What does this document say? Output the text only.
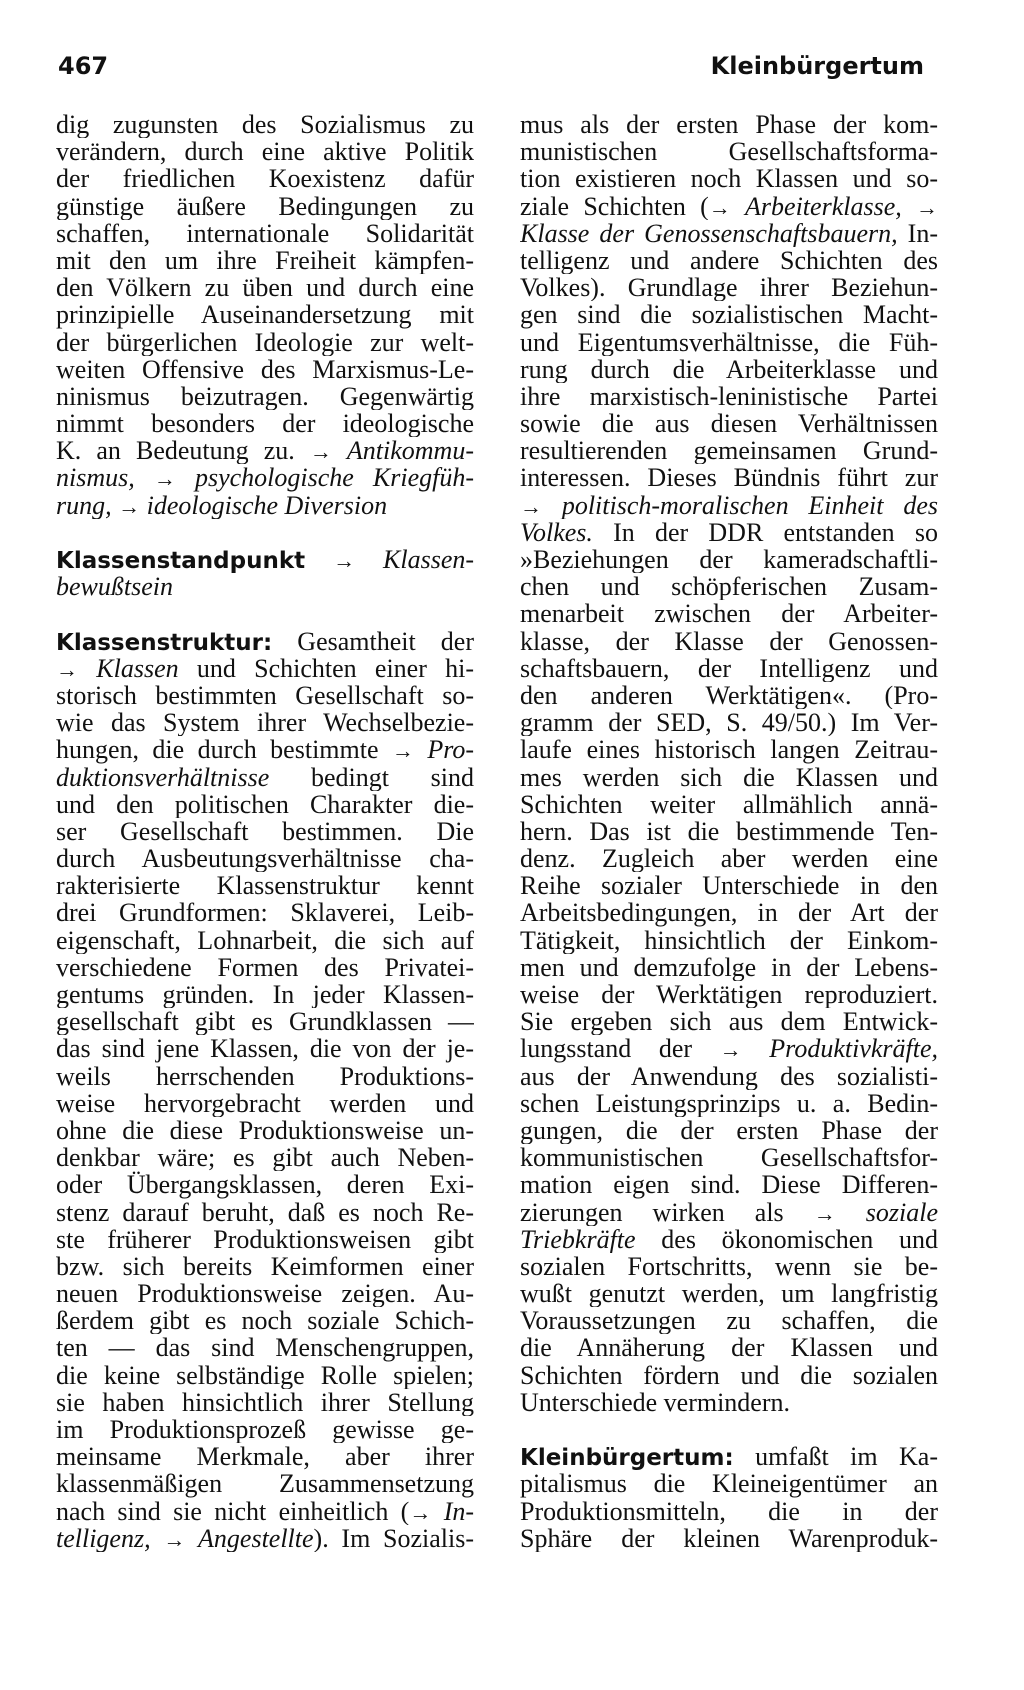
467	Kleinbürgertum
dig zugunsten des Sozialismus zu
verändern, durch eine aktive Politik
der friedlichen Koexistenz dafür
günstige äußere Bedingungen zu
schaffen, internationale Solidarität
mit den um ihre Freiheit kämpfen-
den Völkern zu üben und durch eine
prinzipielle Auseinandersetzung mit
der bürgerlichen Ideologie zur welt-
weiten Offensive des Marxismus-Le-
ninismus beizutragen. Gegenwärtig
nimmt besonders der ideologische
K. an Bedeutung zu. → Antikommu-
nismus, → psychologische Kriegfüh-
rung, → ideologische Diversion
Klassenstandpunkt → Klassen-
bewußtsein
Klassenstruktur: Gesamtheit der
→ Klassen und Schichten einer hi-
storisch bestimmten Gesellschaft so-
wie das System ihrer Wechselbezie-
hungen, die durch bestimmte → Pro-
duktionsverhältnisse bedingt sind
und den politischen Charakter die-
ser Gesellschaft bestimmen. Die
durch Ausbeutungsverhältnisse cha-
rakterisierte Klassenstruktur kennt
drei Grundformen: Sklaverei, Leib-
eigenschaft, Lohnarbeit, die sich auf
verschiedene Formen des Privatei-
gentums gründen. In jeder Klassen-
gesellschaft gibt es Grundklassen —
das sind jene Klassen, die von der je-
weils herrschenden Produktions-
weise hervorgebracht werden und
ohne die diese Produktionsweise un-
denkbar wäre; es gibt auch Neben-
oder Übergangsklassen, deren Exi-
stenz darauf beruht, daß es noch Re-
ste früherer Produktionsweisen gibt
bzw. sich bereits Keimformen einer
neuen Produktionsweise zeigen. Au-
ßerdem gibt es noch soziale Schich-
ten — das sind Menschengruppen,
die keine selbständige Rolle spielen;
sie haben hinsichtlich ihrer Stellung
im Produktionsprozeß gewisse ge-
meinsame Merkmale, aber ihrer
klassenmäßigen Zusammensetzung
nach sind sie nicht einheitlich (→ In-
telligenz, → Angestellte). Im Sozialis-
mus als der ersten Phase der kom-
munistischen Gesellschaftsforma-
tion existieren noch Klassen und so-
ziale Schichten (→ Arbeiterklasse, →
Klasse der Genossenschaftsbauern, In-
telligenz und andere Schichten des
Volkes). Grundlage ihrer Beziehun-
gen sind die sozialistischen Macht-
und Eigentumsverhältnisse, die Füh-
rung durch die Arbeiterklasse und
ihre marxistisch-leninistische Partei
sowie die aus diesen Verhältnissen
resultierenden gemeinsamen Grund-
interessen. Dieses Bündnis führt zur
→ politisch-moralischen Einheit des
Volkes. In der DDR entstanden so
»Beziehungen der kameradschaftli-
chen und schöpferischen Zusam-
menarbeit zwischen der Arbeiter-
klasse, der Klasse der Genossen-
schaftsbauern, der Intelligenz und
den anderen Werktätigen«. (Pro-
gramm der SED, S. 49/50.) Im Ver-
laufe eines historisch langen Zeitrau-
mes werden sich die Klassen und
Schichten weiter allmählich annä-
hern. Das ist die bestimmende Ten-
denz. Zugleich aber werden eine
Reihe sozialer Unterschiede in den
Arbeitsbedingungen, in der Art der
Tätigkeit, hinsichtlich der Einkom-
men und demzufolge in der Lebens-
weise der Werktätigen reproduziert.
Sie ergeben sich aus dem Entwick-
lungsstand der → Produktivkräfte,
aus der Anwendung des sozialisti-
schen Leistungsprinzips u. a. Bedin-
gungen, die der ersten Phase der
kommunistischen Gesellschaftsfor-
mation eigen sind. Diese Differen-
zierungen wirken als → soziale
Triebkräfte des ökonomischen und
sozialen Fortschritts, wenn sie be-
wußt genutzt werden, um langfristig
Voraussetzungen zu schaffen, die
die Annäherung der Klassen und
Schichten fördern und die sozialen
Unterschiede vermindern.
Kleinbürgertum: umfaßt im Ka-
pitalismus die Kleineigentümer an
Produktionsmitteln, die in der
Sphäre der kleinen Warenproduk-
